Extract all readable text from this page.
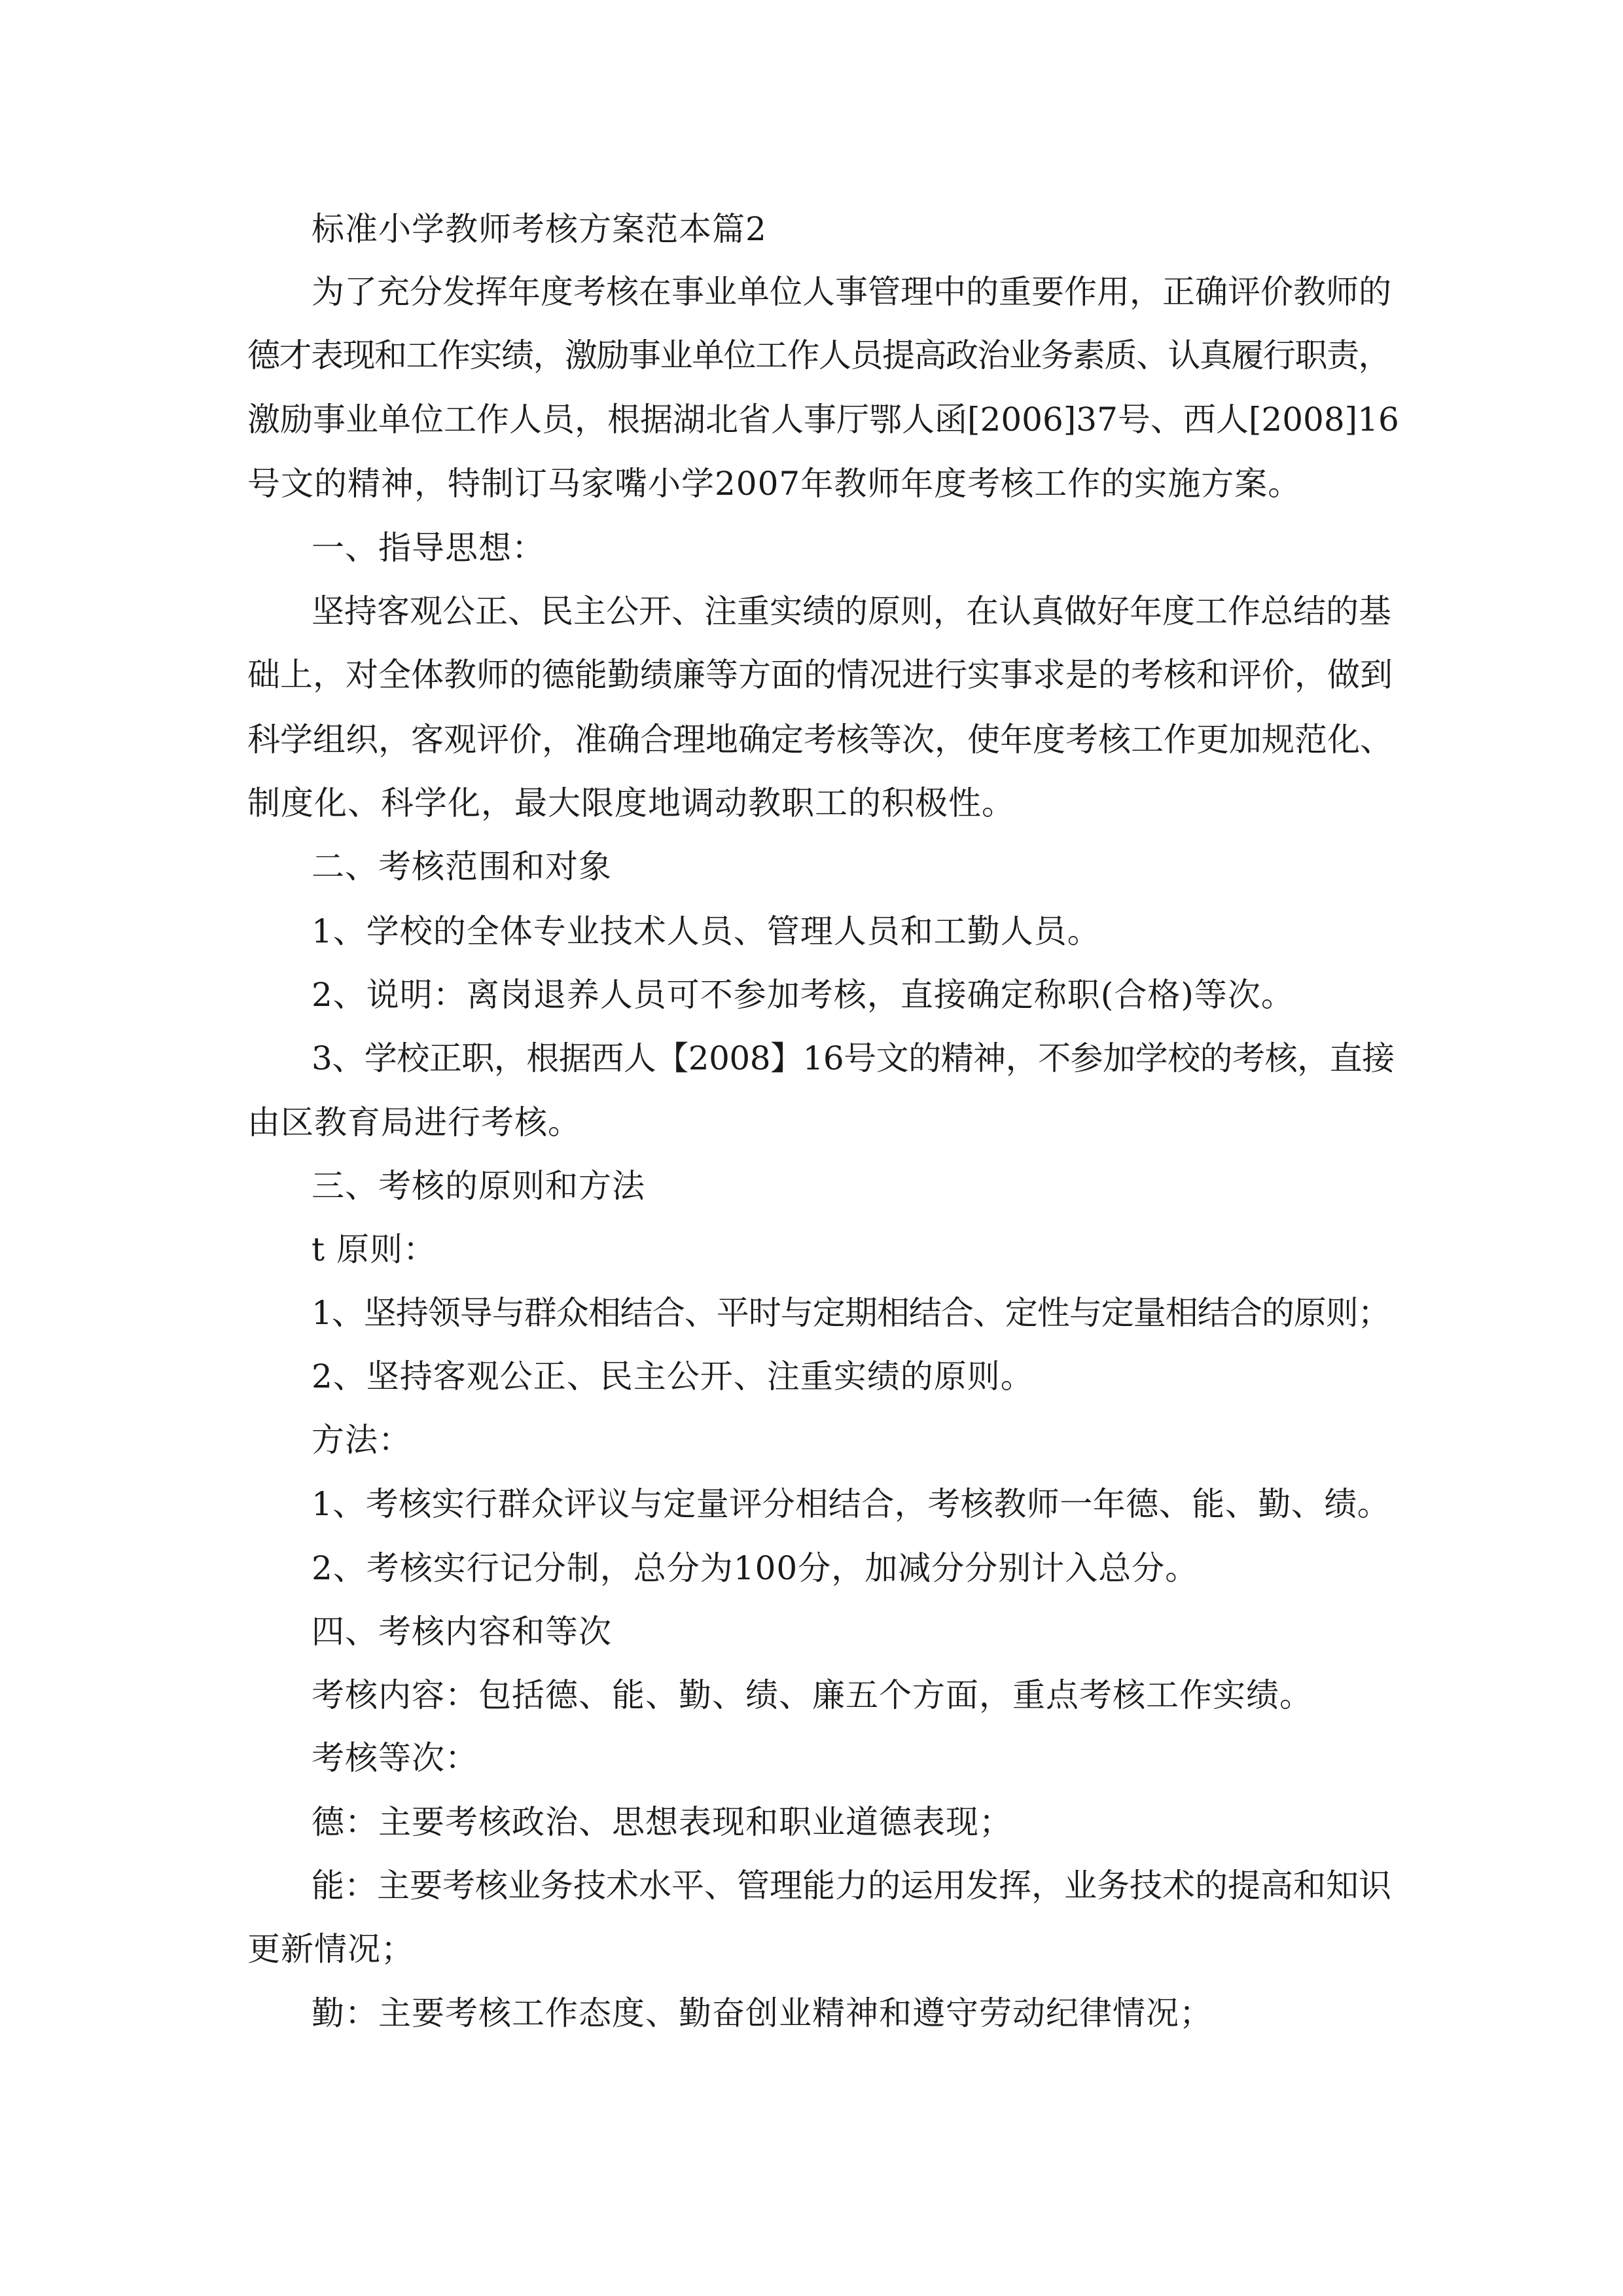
标准小学教师考核方案范本篇2

为了充分发挥年度考核在事业单位人事管理中的重要作用，正确评价教师的

德才表现和工作实绩，激励事业单位工作人员提高政治业务素质、认真履行职责，

激励事业单位工作人员，根据湖北省人事厅鄂人函[2006]37号、西人[2008]16

号文的精神，特制订马家嘴小学2007年教师年度考核工作的实施方案。

一、指导思想：

坚持客观公正、民主公开、注重实绩的原则，在认真做好年度工作总结的基

础上，对全体教师的德能勤绩廉等方面的情况进行实事求是的考核和评价，做到

科学组织，客观评价，准确合理地确定考核等次，使年度考核工作更加规范化、

制度化、科学化，最大限度地调动教职工的积极性。

二、考核范围和对象

1、学校的全体专业技术人员、管理人员和工勤人员。

2、说明：离岗退养人员可不参加考核，直接确定称职(合格)等次。

3、学校正职，根据西人【2008】16号文的精神，不参加学校的考核，直接

由区教育局进行考核。

三、考核的原则和方法

t 原则：

1、坚持领导与群众相结合、平时与定期相结合、定性与定量相结合的原则；

2、坚持客观公正、民主公开、注重实绩的原则。

方法：

1、考核实行群众评议与定量评分相结合，考核教师一年德、能、勤、绩。

2、考核实行记分制，总分为100分，加减分分别计入总分。

四、考核内容和等次

考核内容：包括德、能、勤、绩、廉五个方面，重点考核工作实绩。

考核等次：

德：主要考核政治、思想表现和职业道德表现；

能：主要考核业务技术水平、管理能力的运用发挥，业务技术的提高和知识

更新情况；

勤：主要考核工作态度、勤奋创业精神和遵守劳动纪律情况；
